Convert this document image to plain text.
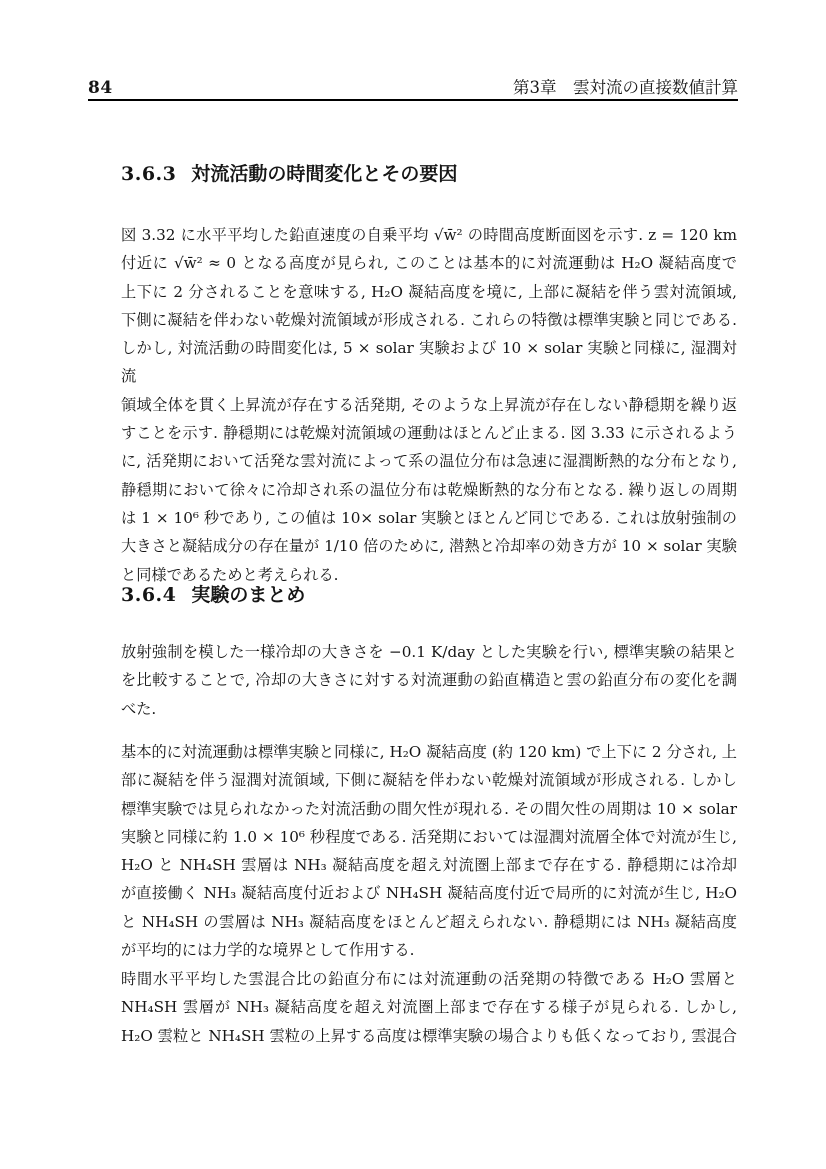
84	第3章　雲対流の直接数値計算
3.6.3 対流活動の時間変化とその要因
図 3.32 に水平平均した鉛直速度の自乗平均 √w̄² の時間高度断面図を示す. z = 120 km
付近に √w̄² ≈ 0 となる高度が見られ, このことは基本的に対流運動は H₂O 凝結高度で
上下に 2 分されることを意味する, H₂O 凝結高度を境に, 上部に凝結を伴う雲対流領域,
下側に凝結を伴わない乾燥対流領域が形成される. これらの特徴は標準実験と同じである.
しかし, 対流活動の時間変化は, 5 × solar 実験および 10 × solar 実験と同様に, 湿潤対流
領域全体を貫く上昇流が存在する活発期, そのような上昇流が存在しない静穏期を繰り返
すことを示す. 静穏期には乾燥対流領域の運動はほとんど止まる. 図 3.33 に示されるよう
に, 活発期において活発な雲対流によって系の温位分布は急速に湿潤断熱的な分布となり,
静穏期において徐々に冷却され系の温位分布は乾燥断熱的な分布となる. 繰り返しの周期
は 1 × 10⁶ 秒であり, この値は 10× solar 実験とほとんど同じである. これは放射強制の
大きさと凝結成分の存在量が 1/10 倍のために, 潜熱と冷却率の効き方が 10 × solar 実験
と同様であるためと考えられる.
3.6.4 実験のまとめ
放射強制を模した一様冷却の大きさを −0.1 K/day とした実験を行い, 標準実験の結果と
を比較することで, 冷却の大きさに対する対流運動の鉛直構造と雲の鉛直分布の変化を調
べた.
基本的に対流運動は標準実験と同様に, H₂O 凝結高度 (約 120 km) で上下に 2 分され, 上
部に凝結を伴う湿潤対流領域, 下側に凝結を伴わない乾燥対流領域が形成される. しかし
標準実験では見られなかった対流活動の間欠性が現れる. その間欠性の周期は 10 × solar
実験と同様に約 1.0 × 10⁶ 秒程度である. 活発期においては湿潤対流層全体で対流が生じ,
H₂O と NH₄SH 雲層は NH₃ 凝結高度を超え対流圏上部まで存在する. 静穏期には冷却
が直接働く NH₃ 凝結高度付近および NH₄SH 凝結高度付近で局所的に対流が生じ, H₂O
と NH₄SH の雲層は NH₃ 凝結高度をほとんど超えられない. 静穏期には NH₃ 凝結高度
が平均的には力学的な境界として作用する.
時間水平平均した雲混合比の鉛直分布には対流運動の活発期の特徴である H₂O 雲層と
NH₄SH 雲層が NH₃ 凝結高度を超え対流圏上部まで存在する様子が見られる. しかし,
H₂O 雲粒と NH₄SH 雲粒の上昇する高度は標準実験の場合よりも低くなっており, 雲混合
